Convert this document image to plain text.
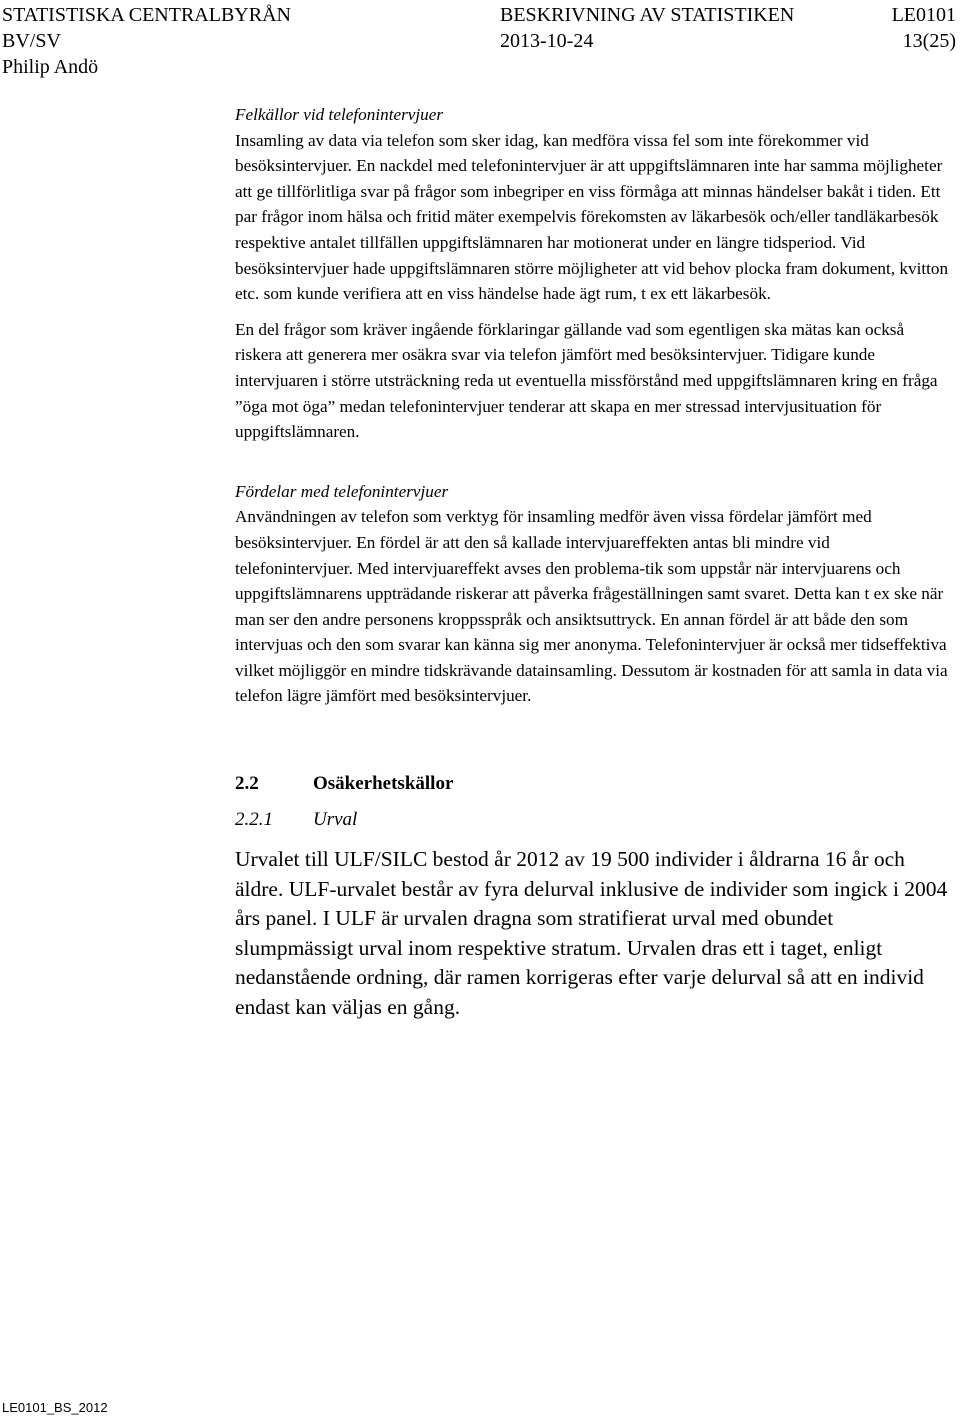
STATISTISKA CENTRALBYRÅN	BESKRIVNING AV STATISTIKEN	LE0101
BV/SV	2013-10-24	13(25)
Philip Andö

Felkällor vid telefonintervjuer

Insamling av data via telefon som sker idag, kan medföra vissa fel som inte förekommer vid besöksintervjuer. En nackdel med telefonintervjuer är att uppgiftslämnaren inte har samma möjligheter att ge tillförlitliga svar på frågor som inbegriper en viss förmåga att minnas händelser bakåt i tiden. Ett par frågor inom hälsa och fritid mäter exempelvis förekomsten av läkarbesök och/eller tandläkarbesök respektive antalet tillfällen uppgiftslämnaren har motionerat under en längre tidsperiod. Vid besöksintervjuer hade uppgiftslämnaren större möjligheter att vid behov plocka fram dokument, kvitton etc. som kunde verifiera att en viss händelse hade ägt rum, t ex ett läkarbesök.

En del frågor som kräver ingående förklaringar gällande vad som egentligen ska mätas kan också riskera att generera mer osäkra svar via telefon jämfört med besöksintervjuer. Tidigare kunde intervjuaren i större utsträckning reda ut eventuella missförstånd med uppgiftslämnaren kring en fråga ”öga mot öga” medan telefonintervjuer tenderar att skapa en mer stressad intervjusituation för uppgiftslämnaren.

Fördelar med telefonintervjuer

Användningen av telefon som verktyg för insamling medför även vissa fördelar jämfört med besöksintervjuer. En fördel är att den så kallade intervjuareffekten antas bli mindre vid telefonintervjuer. Med intervjuareffekt avses den problema-tik som uppstår när intervjuarens och uppgiftslämnarens uppträdande riskerar att påverka frågeställningen samt svaret. Detta kan t ex ske när man ser den andre personens kroppsspråk och ansiktsuttryck. En annan fördel är att både den som intervjuas och den som svarar kan känna sig mer anonyma. Telefonintervjuer är också mer tidseffektiva vilket möjliggör en mindre tidskrävande datainsamling. Dessutom är kostnaden för att samla in data via telefon lägre jämfört med besöksintervjuer.

2.2	Osäkerhetskällor
2.2.1	Urval

Urvalet till ULF/SILC bestod år 2012 av 19 500 individer i åldrarna 16 år och äldre. ULF-urvalet består av fyra delurval inklusive de individer som ingick i 2004 års panel. I ULF är urvalen dragna som stratifierat urval med obundet slumpmässigt urval inom respektive stratum. Urvalen dras ett i taget, enligt nedanstående ordning, där ramen korrigeras efter varje delurval så att en individ endast kan väljas en gång.

LE0101_BS_2012
